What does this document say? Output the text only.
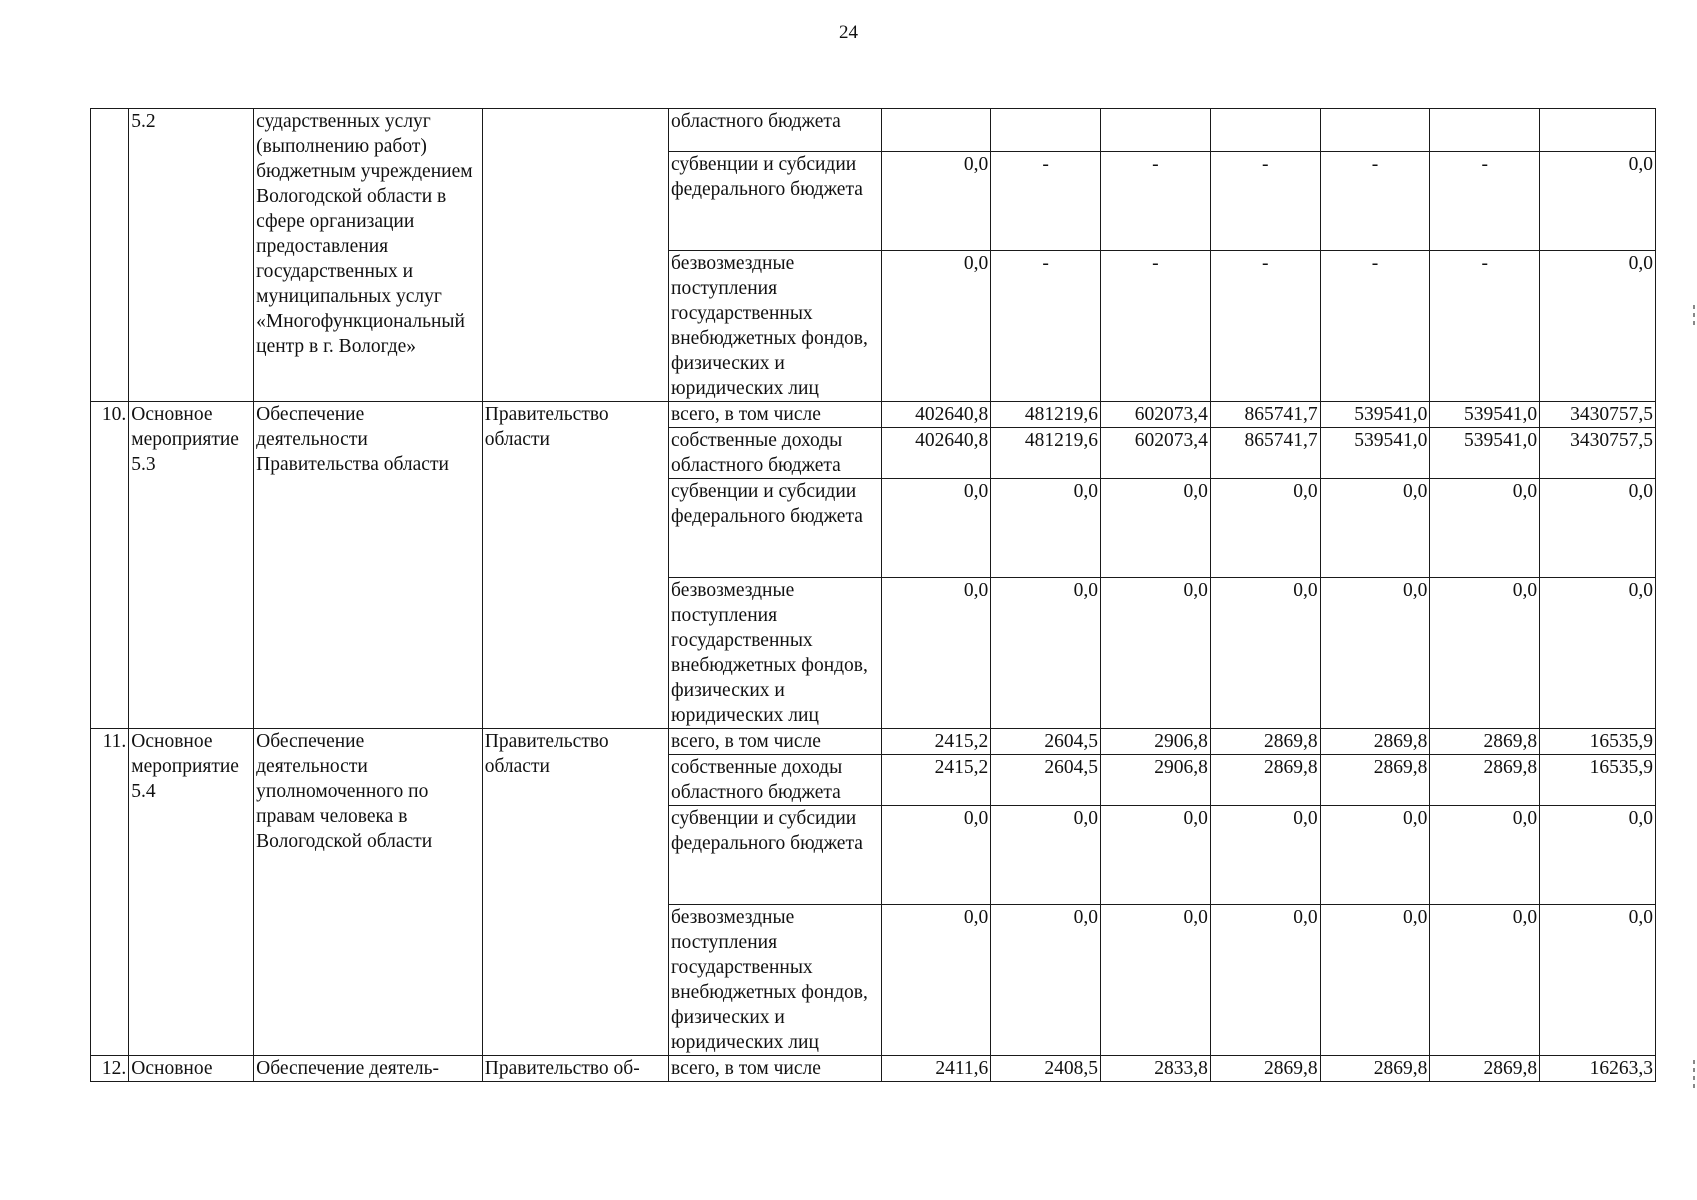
24
	5.2	сударственных услуг (выполнению работ) бюджетным учреждением Вологодской области в сфере организации предоставления государственных и муниципальных услуг «Многофункциональный центр в г. Вологде»		областного бюджета							
				субвенции и субсидии федерального бюджета	0,0	-	-	-	-	-	0,0
				безвозмездные поступления государственных внебюджетных фондов, физических и юридических лиц	0,0	-	-	-	-	-	0,0
10.	Основное мероприятие 5.3	Обеспечение деятельности Правительства области	Правительство области	всего, в том числе	402640,8	481219,6	602073,4	865741,7	539541,0	539541,0	3430757,5
				собственные доходы областного бюджета	402640,8	481219,6	602073,4	865741,7	539541,0	539541,0	3430757,5
				субвенции и субсидии федерального бюджета	0,0	0,0	0,0	0,0	0,0	0,0	0,0
				безвозмездные поступления государственных внебюджетных фондов, физических и юридических лиц	0,0	0,0	0,0	0,0	0,0	0,0	0,0
11.	Основное мероприятие 5.4	Обеспечение деятельности уполномоченного по правам человека в Вологодской области	Правительство области	всего, в том числе	2415,2	2604,5	2906,8	2869,8	2869,8	2869,8	16535,9
				собственные доходы областного бюджета	2415,2	2604,5	2906,8	2869,8	2869,8	2869,8	16535,9
				субвенции и субсидии федерального бюджета	0,0	0,0	0,0	0,0	0,0	0,0	0,0
				безвозмездные поступления государственных внебюджетных фондов, физических и юридических лиц	0,0	0,0	0,0	0,0	0,0	0,0	0,0
12.	Основное	Обеспечение деятель-	Правительство об-	всего, в том числе	2411,6	2408,5	2833,8	2869,8	2869,8	2869,8	16263,3
